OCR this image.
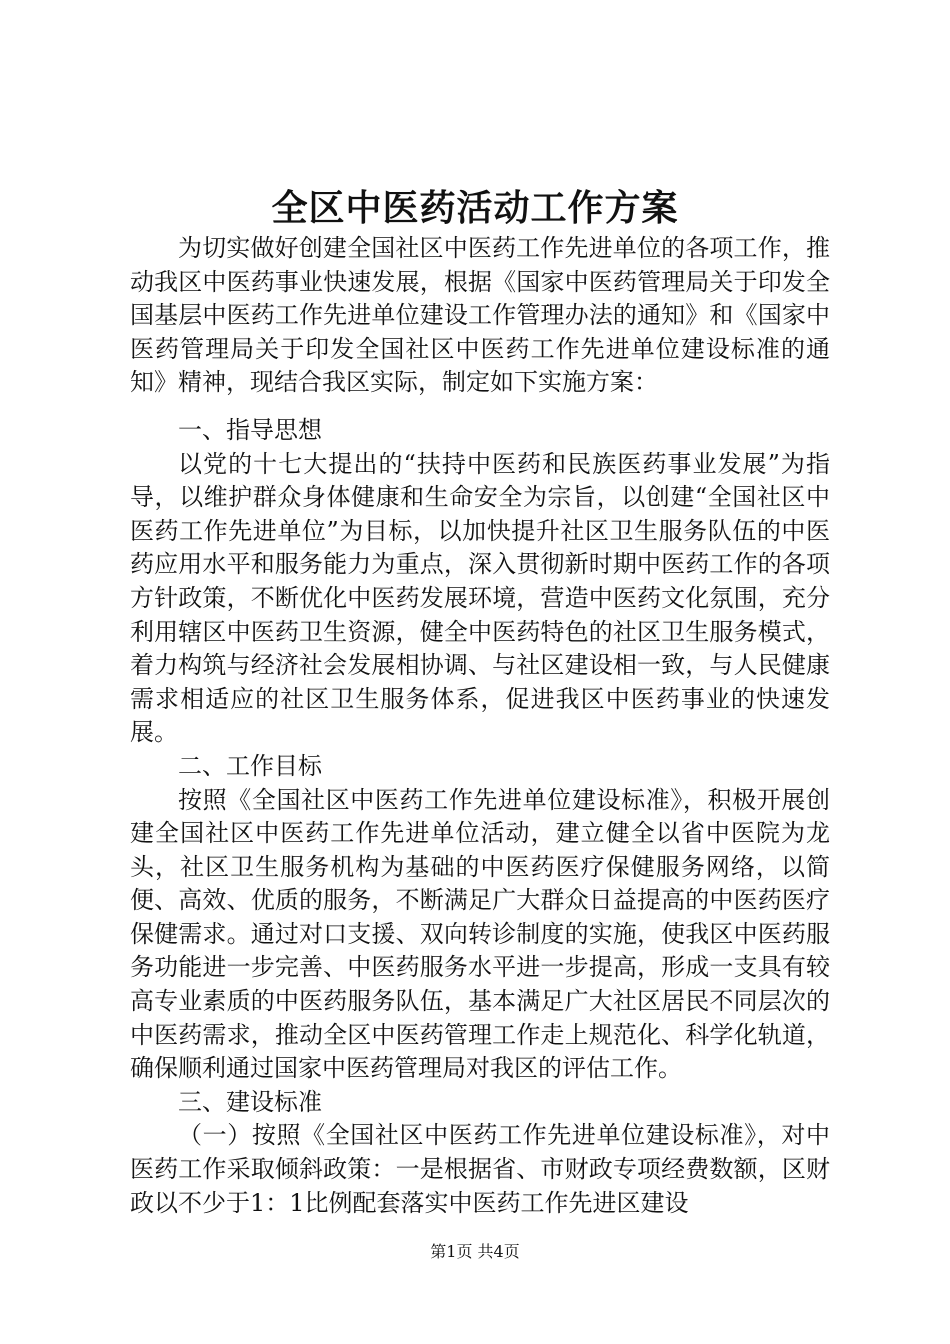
全区中医药活动工作方案

为切实做好创建全国社区中医药工作先进单位的各项工作，推动我区中医药事业快速发展，根据《国家中医药管理局关于印发全国基层中医药工作先进单位建设工作管理办法的通知》和《国家中医药管理局关于印发全国社区中医药工作先进单位建设标准的通知》精神，现结合我区实际，制定如下实施方案：

一、指导思想

以党的十七大提出的“扶持中医药和民族医药事业发展”为指导，以维护群众身体健康和生命安全为宗旨，以创建“全国社区中医药工作先进单位”为目标，以加快提升社区卫生服务队伍的中医药应用水平和服务能力为重点，深入贯彻新时期中医药工作的各项方针政策，不断优化中医药发展环境，营造中医药文化氛围，充分利用辖区中医药卫生资源，健全中医药特色的社区卫生服务模式，着力构筑与经济社会发展相协调、与社区建设相一致，与人民健康需求相适应的社区卫生服务体系，促进我区中医药事业的快速发展。

二、工作目标

按照《全国社区中医药工作先进单位建设标准》，积极开展创建全国社区中医药工作先进单位活动，建立健全以省中医院为龙头，社区卫生服务机构为基础的中医药医疗保健服务网络，以简便、高效、优质的服务，不断满足广大群众日益提高的中医药医疗保健需求。通过对口支援、双向转诊制度的实施，使我区中医药服务功能进一步完善、中医药服务水平进一步提高，形成一支具有较高专业素质的中医药服务队伍，基本满足广大社区居民不同层次的中医药需求，推动全区中医药管理工作走上规范化、科学化轨道，确保顺利通过国家中医药管理局对我区的评估工作。

三、建设标准

（一）按照《全国社区中医药工作先进单位建设标准》，对中医药工作采取倾斜政策：一是根据省、市财政专项经费数额，区财政以不少于1：1比例配套落实中医药工作先进区建设

第1页 共4页
